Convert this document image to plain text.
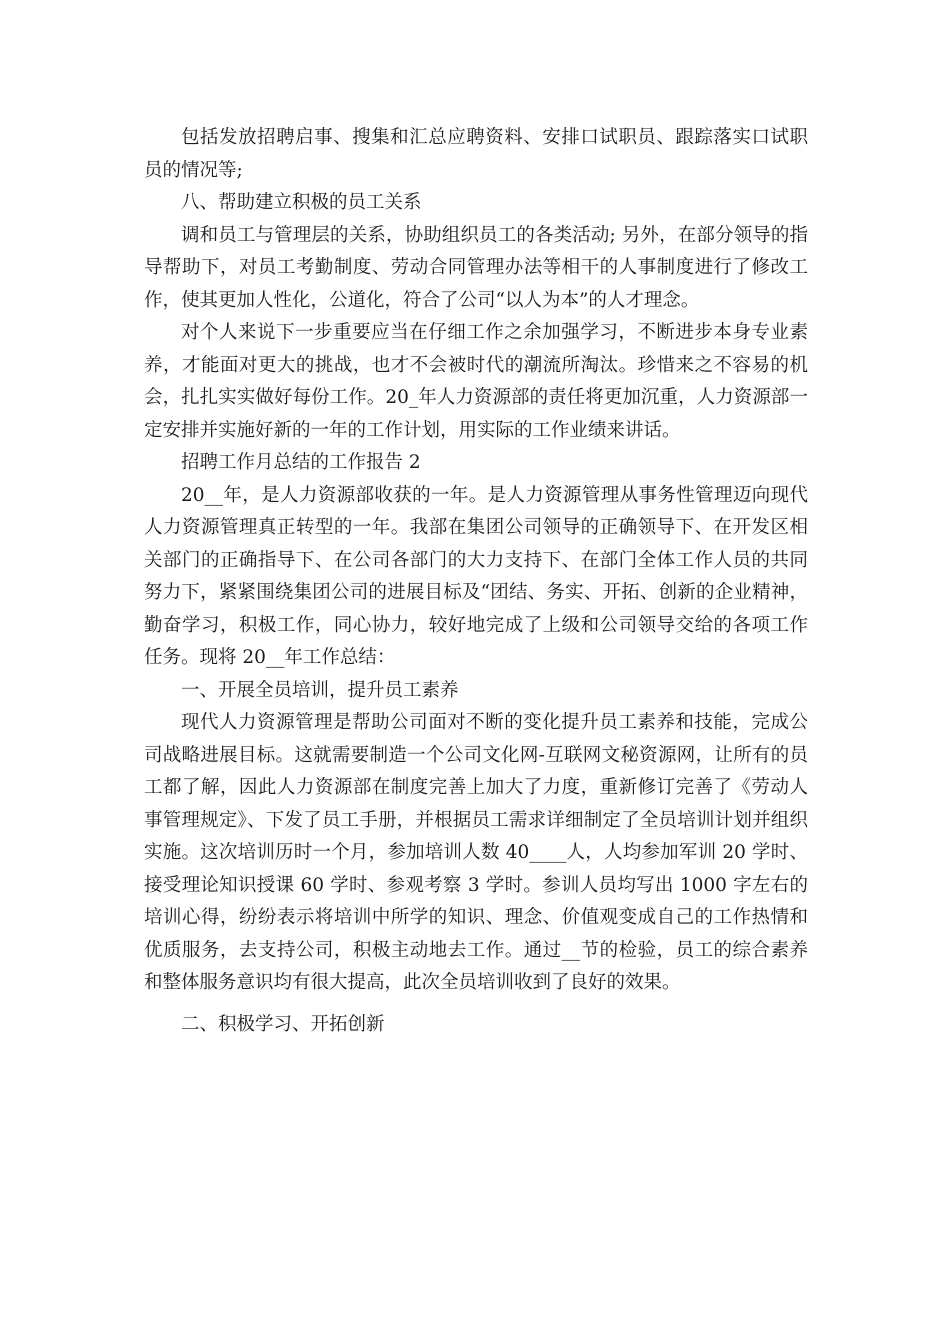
包括发放招聘启事、搜集和汇总应聘资料、安排口试职员、跟踪落实口试职员的情况等;

八、帮助建立积极的员工关系

调和员工与管理层的关系，协助组织员工的各类活动; 另外，在部分领导的指导帮助下，对员工考勤制度、劳动合同管理办法等相干的人事制度进行了修改工作，使其更加人性化，公道化，符合了公司“以人为本”的人才理念。

对个人来说下一步重要应当在仔细工作之余加强学习，不断进步本身专业素养，才能面对更大的挑战，也才不会被时代的潮流所淘汰。珍惜来之不容易的机会，扎扎实实做好每份工作。20_年人力资源部的责任将更加沉重，人力资源部一定安排并实施好新的一年的工作计划，用实际的工作业绩来讲话。

招聘工作月总结的工作报告 2

20__年，是人力资源部收获的一年。是人力资源管理从事务性管理迈向现代人力资源管理真正转型的一年。我部在集团公司领导的正确领导下、在开发区相关部门的正确指导下、在公司各部门的大力支持下、在部门全体工作人员的共同努力下，紧紧围绕集团公司的进展目标及“团结、务实、开拓、创新的企业精神，勤奋学习，积极工作，同心协力，较好地完成了上级和公司领导交给的各项工作任务。现将 20__年工作总结：

一、开展全员培训，提升员工素养

现代人力资源管理是帮助公司面对不断的变化提升员工素养和技能，完成公司战略进展目标。这就需要制造一个公司文化网-互联网文秘资源网，让所有的员工都了解，因此人力资源部在制度完善上加大了力度，重新修订完善了《劳动人事管理规定》、下发了员工手册，并根据员工需求详细制定了全员培训计划并组织实施。这次培训历时一个月，参加培训人数 40____人，人均参加军训 20 学时、接受理论知识授课 60 学时、参观考察 3 学时。参训人员均写出 1000 字左右的培训心得，纷纷表示将培训中所学的知识、理念、价值观变成自己的工作热情和优质服务，去支持公司，积极主动地去工作。通过__节的检验，员工的综合素养和整体服务意识均有很大提高，此次全员培训收到了良好的效果。

二、积极学习、开拓创新
